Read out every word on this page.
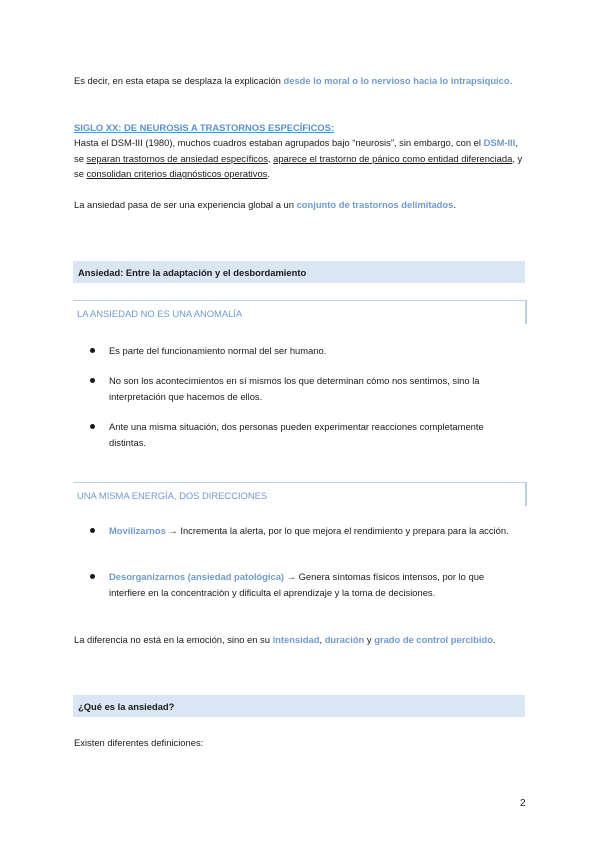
Es decir, en esta etapa se desplaza la explicación desde lo moral o lo nervioso hacia lo intrapsíquico.

SIGLO XX: DE NEUROSIS A TRASTORNOS ESPECÍFICOS:

Hasta el DSM-III (1980), muchos cuadros estaban agrupados bajo “neurosis”, sin embargo, con el DSM-III, se separan trastornos de ansiedad específicos, aparece el trastorno de pánico como entidad diferenciada, y se consolidan criterios diagnósticos operativos.

La ansiedad pasa de ser una experiencia global a un conjunto de trastornos delimitados.

Ansiedad: Entre la adaptación y el desbordamiento
LA ANSIEDAD NO ES UNA ANOMALÍA
Es parte del funcionamiento normal del ser humano.
No son los acontecimientos en sí mismos los que determinan cómo nos sentimos, sino la interpretación que hacemos de ellos.
Ante una misma situación, dos personas pueden experimentar reacciones completamente distintas.
UNA MISMA ENERGÍA, DOS DIRECCIONES
Movilizarnos → Incrementa la alerta, por lo que mejora el rendimiento y prepara para la acción.
Desorganizarnos (ansiedad patológica) → Genera síntomas físicos intensos, por lo que interfiere en la concentración y dificulta el aprendizaje y la toma de decisiones.

La diferencia no está en la emoción, sino en su intensidad, duración y grado de control percibido.

¿Qué es la ansiedad?

Existen diferentes definiciones:

2
